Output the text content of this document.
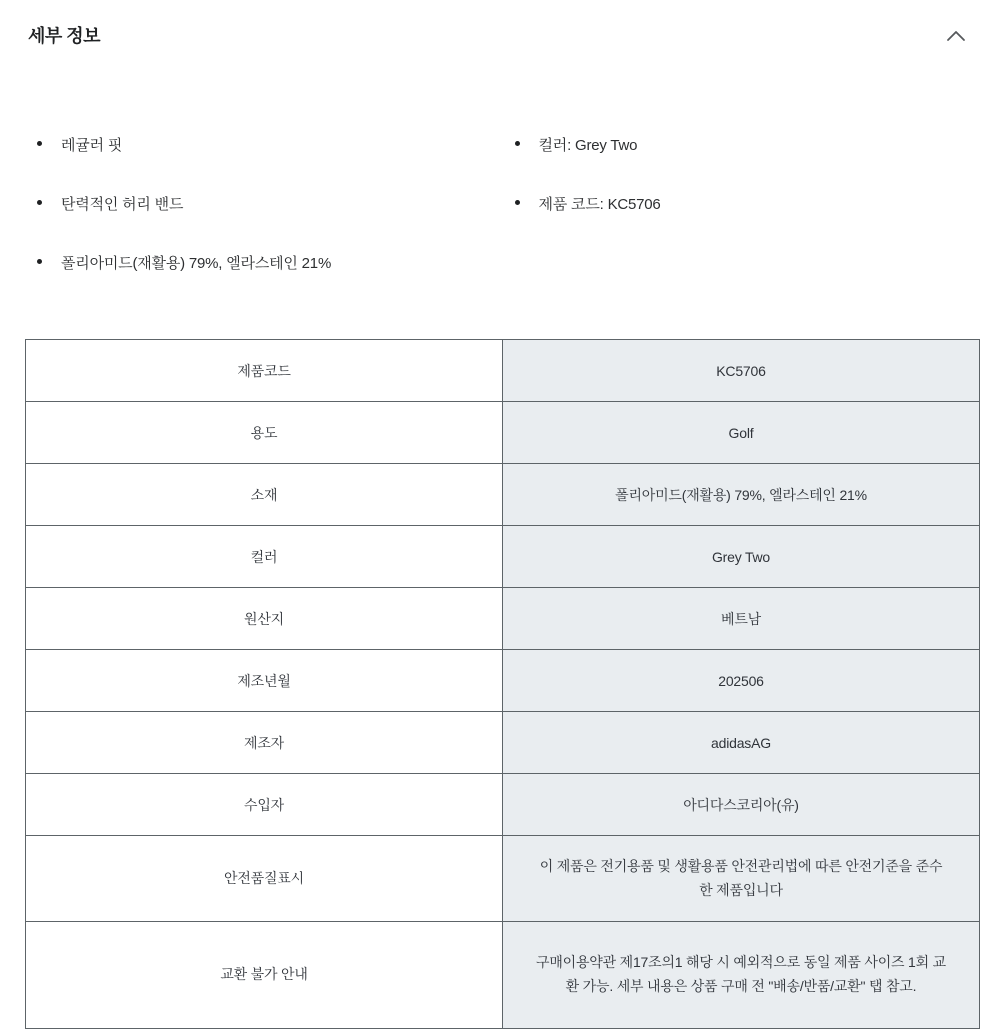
세부 정보
레귤러 핏
탄력적인 허리 밴드
폴리아미드(재활용) 79%, 엘라스테인 21%
컬러: Grey Two
제품 코드: KC5706
제품코드	KC5706
용도	Golf
소재	폴리아미드(재활용) 79%, 엘라스테인 21%
컬러	Grey Two
원산지	베트남
제조년월	202506
제조자	adidasAG
수입자	아디다스코리아(유)
안전품질표시	이 제품은 전기용품 및 생활용품 안전관리법에 따른 안전기준을 준수한 제품입니다
교환 불가 안내	구매이용약관 제17조의1 해당 시 예외적으로 동일 제품 사이즈 1회 교환 가능. 세부 내용은 상품 구매 전 "배송/반품/교환" 탭 참고.
